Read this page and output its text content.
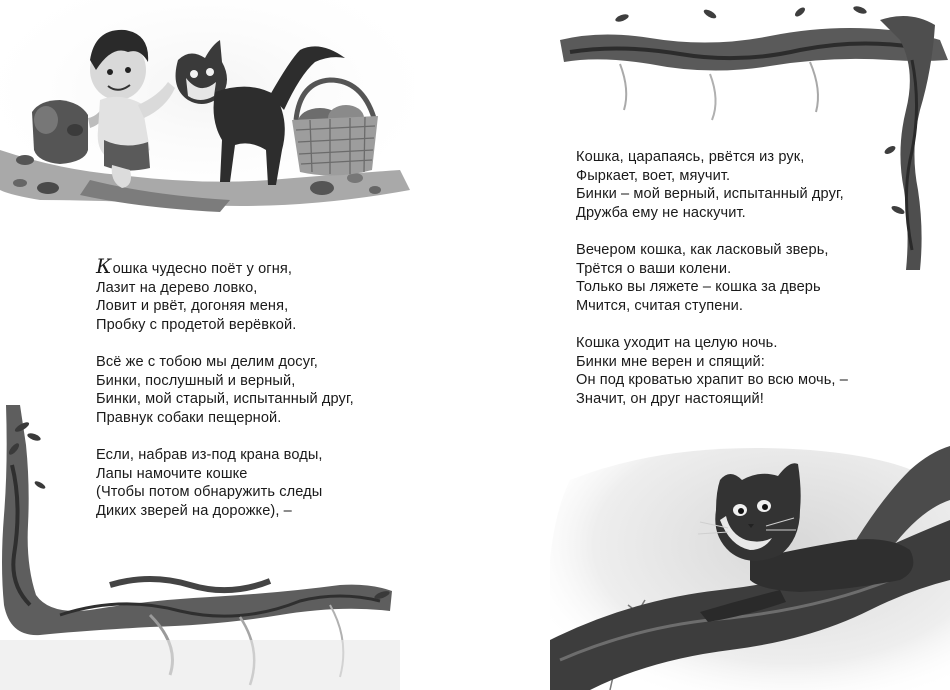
Кошка чудесно поёт у огня,
Лазит на дерево ловко,
Ловит и рвёт, догоняя меня,
Пробку с продетой верёвкой.
Всё же с тобою мы делим досуг,
Бинки, послушный и верный,
Бинки, мой старый, испытанный друг,
Правнук собаки пещерной.
Если, набрав из-под крана воды,
Лапы намочите кошке
(Чтобы потом обнаружить следы
Диких зверей на дорожке), –
Кошка, царапаясь, рвётся из рук,
Фыркает, воет, мяучит.
Бинки – мой верный, испытанный друг,
Дружба ему не наскучит.
Вечером кошка, как ласковый зверь,
Трётся о ваши колени.
Только вы ляжете – кошка за дверь
Мчится, считая ступени.
Кошка уходит на целую ночь.
Бинки мне верен и спящий:
Он под кроватью храпит во всю мочь, –
Значит, он друг настоящий!
